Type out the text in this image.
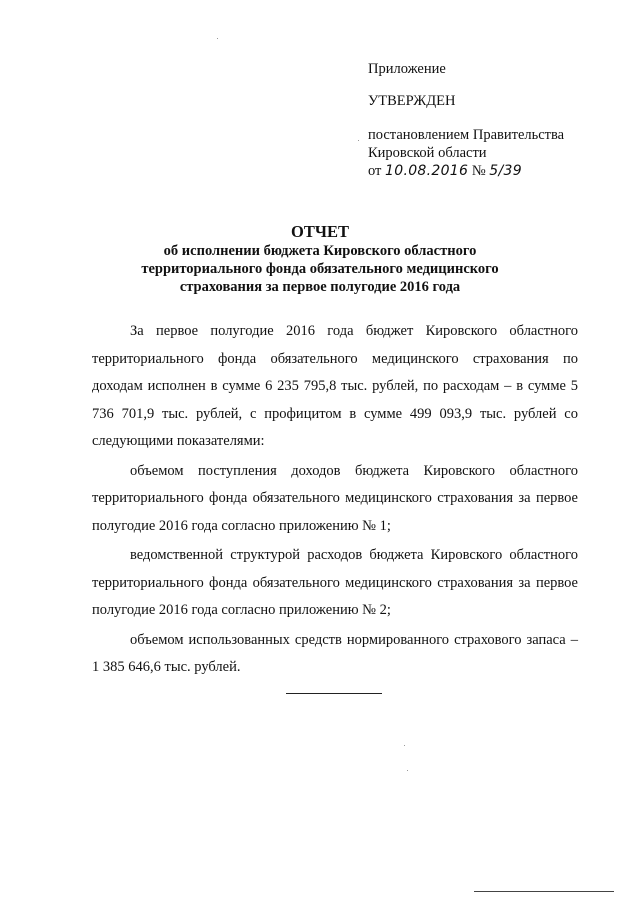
Приложение
УТВЕРЖДЕН
постановлением Правительства
Кировской области
от 10.08.2016 № 5/39
ОТЧЕТ
об исполнении бюджета Кировского областного
территориального фонда обязательного медицинского
страхования за первое полугодие 2016 года

За первое полугодие 2016 года бюджет Кировского областного территориального фонда обязательного медицинского страхования по доходам исполнен в сумме 6 235 795,8 тыс. рублей, по расходам – в сумме 5 736 701,9 тыс. рублей, с профицитом в сумме 499 093,9 тыс. рублей со следующими показателями:

объемом поступления доходов бюджета Кировского областного территориального фонда обязательного медицинского страхования за первое полугодие 2016 года согласно приложению № 1;

ведомственной структурой расходов бюджета Кировского областного территориального фонда обязательного медицинского страхования за первое полугодие 2016 года согласно приложению № 2;

объемом использованных средств нормированного страхового запаса – 1 385 646,6 тыс. рублей.
